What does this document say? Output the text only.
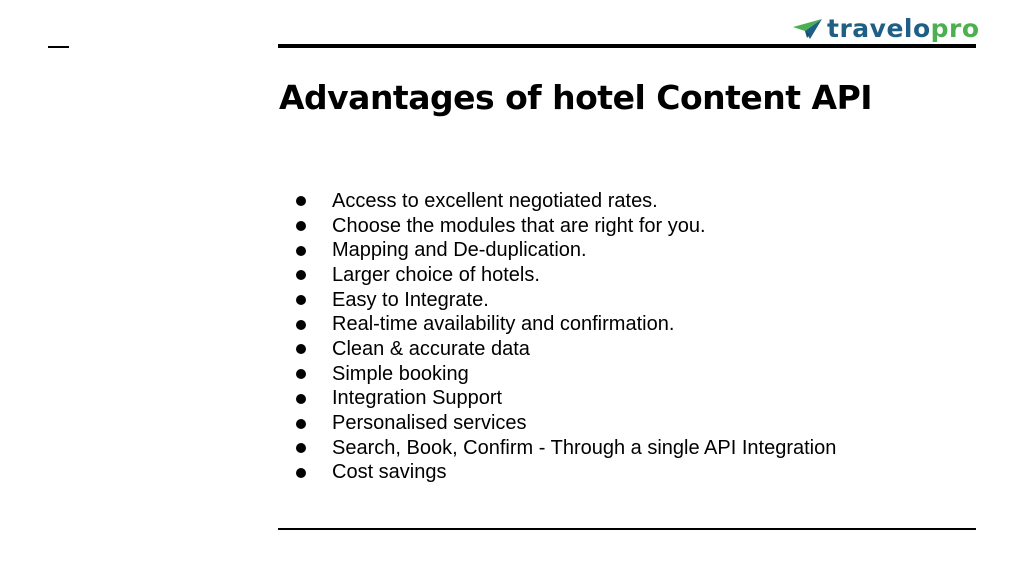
travelopro
Advantages of hotel Content API
Access to excellent negotiated rates.
Choose the modules that are right for you.
Mapping and De-duplication.
Larger choice of hotels.
Easy to Integrate.
Real-time availability and confirmation.
Clean & accurate data
Simple booking
Integration Support
Personalised services
Search, Book, Confirm - Through a single API Integration
Cost savings
